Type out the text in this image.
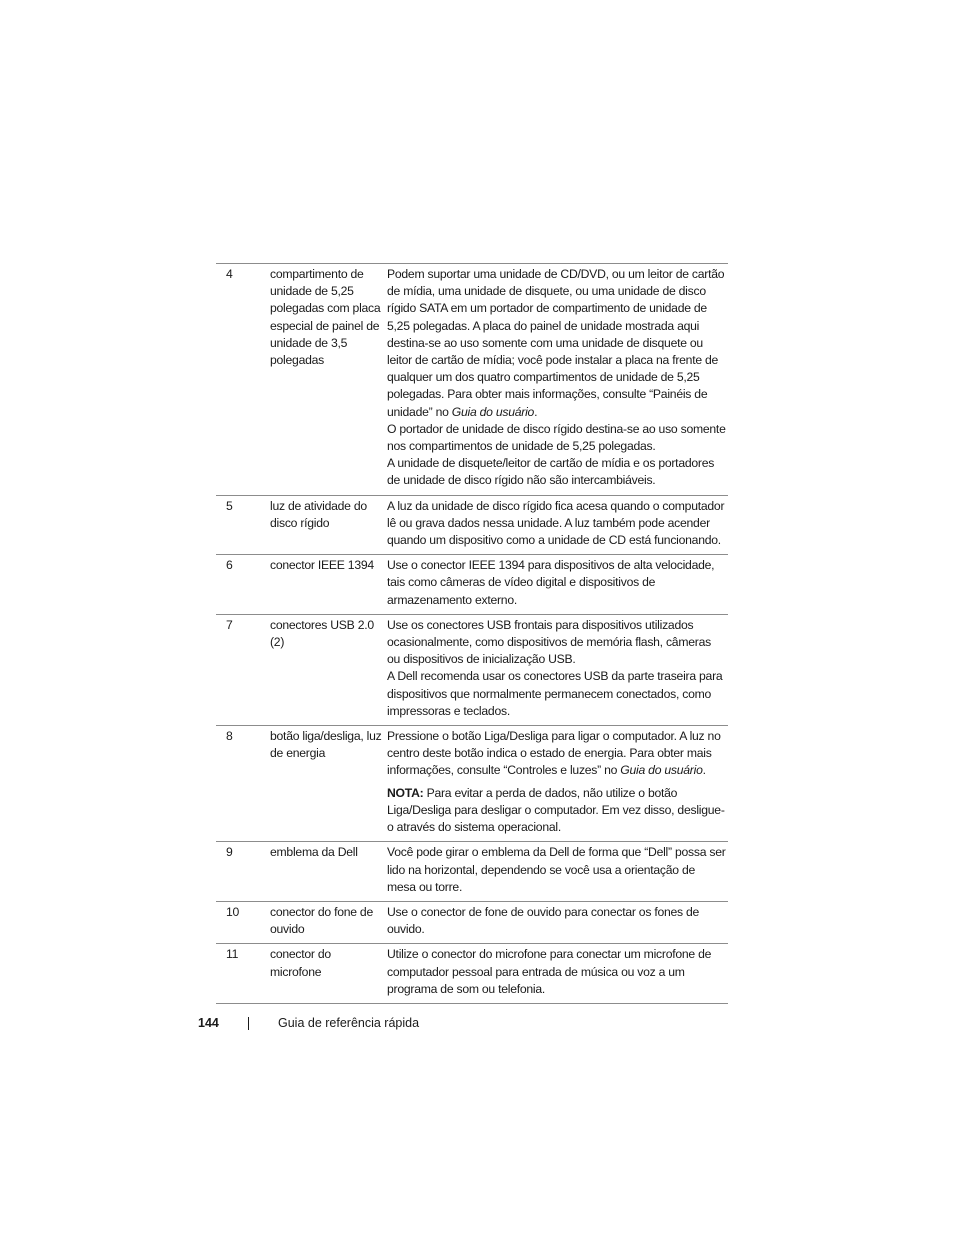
4	compartimento de unidade de 5,25 polegadas com placa especial de painel de unidade de 3,5 polegadas	Podem suportar uma unidade de CD/DVD, ou um leitor de cartão de mídia, uma unidade de disquete, ou uma unidade de disco rígido SATA em um portador de compartimento de unidade de 5,25 polegadas. A placa do painel de unidade mostrada aqui destina-se ao uso somente com uma unidade de disquete ou leitor de cartão de mídia; você pode instalar a placa na frente de qualquer um dos quatro compartimentos de unidade de 5,25 polegadas. Para obter mais informações, consulte “Painéis de unidade” no Guia do usuário.
O portador de unidade de disco rígido destina-se ao uso somente nos compartimentos de unidade de 5,25 polegadas.
A unidade de disquete/leitor de cartão de mídia e os portadores de unidade de disco rígido não são intercambiáveis.

5	luz de atividade do disco rígido	A luz da unidade de disco rígido fica acesa quando o computador lê ou grava dados nessa unidade. A luz também pode acender quando um dispositivo como a unidade de CD está funcionando.

6	conector IEEE 1394	Use o conector IEEE 1394 para dispositivos de alta velocidade, tais como câmeras de vídeo digital e dispositivos de armazenamento externo.

7	conectores USB 2.0 (2)	Use os conectores USB frontais para dispositivos utilizados ocasionalmente, como dispositivos de memória flash, câmeras ou dispositivos de inicialização USB.
A Dell recomenda usar os conectores USB da parte traseira para dispositivos que normalmente permanecem conectados, como impressoras e teclados.

8	botão liga/desliga, luz de energia	Pressione o botão Liga/Desliga para ligar o computador. A luz no centro deste botão indica o estado de energia. Para obter mais informações, consulte “Controles e luzes” no Guia do usuário.
NOTA: Para evitar a perda de dados, não utilize o botão Liga/Desliga para desligar o computador. Em vez disso, desligue-o através do sistema operacional.

9	emblema da Dell	Você pode girar o emblema da Dell de forma que “Dell” possa ser lido na horizontal, dependendo se você usa a orientação de mesa ou torre.

10	conector do fone de ouvido	Use o conector de fone de ouvido para conectar os fones de ouvido.

11	conector do microfone	Utilize o conector do microfone para conectar um microfone de computador pessoal para entrada de música ou voz a um programa de som ou telefonia.
144	Guia de referência rápida
